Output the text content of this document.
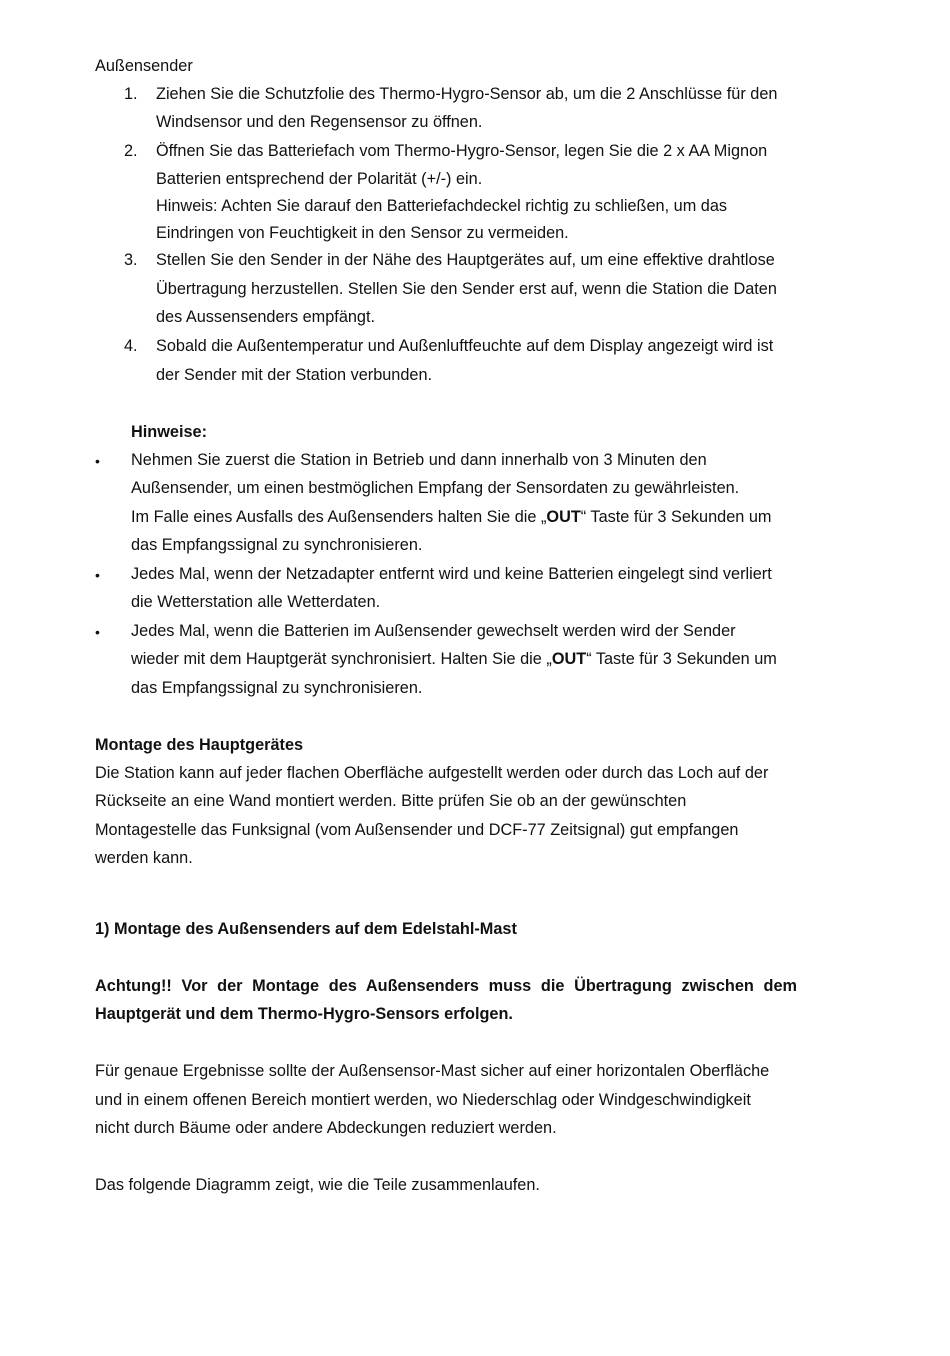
Außensender
1. Ziehen Sie die Schutzfolie des Thermo-Hygro-Sensor ab, um die 2 Anschlüsse für den
Windsensor und den Regensensor zu öffnen.
2. Öffnen Sie das Batteriefach vom Thermo-Hygro-Sensor, legen Sie die 2 x AA Mignon
Batterien entsprechend der Polarität (+/-) ein.
Hinweis: Achten Sie darauf den Batteriefachdeckel richtig zu schließen, um das
Eindringen von Feuchtigkeit in den Sensor zu vermeiden.
3. Stellen Sie den Sender in der Nähe des Hauptgerätes auf, um eine effektive drahtlose
Übertragung herzustellen. Stellen Sie den Sender erst auf, wenn die Station die Daten
des Aussensenders empfängt.
4. Sobald die Außentemperatur und Außenluftfeuchte auf dem Display angezeigt wird ist
der Sender mit der Station verbunden.
Hinweise:
• Nehmen Sie zuerst die Station in Betrieb und dann innerhalb von 3 Minuten den
Außensender, um einen bestmöglichen Empfang der Sensordaten zu gewährleisten.
Im Falle eines Ausfalls des Außensenders halten Sie die „OUT“ Taste für 3 Sekunden um
das Empfangssignal zu synchronisieren.
• Jedes Mal, wenn der Netzadapter entfernt wird und keine Batterien eingelegt sind verliert
die Wetterstation alle Wetterdaten.
• Jedes Mal, wenn die Batterien im Außensender gewechselt werden wird der Sender
wieder mit dem Hauptgerät synchronisiert. Halten Sie die „OUT“ Taste für 3 Sekunden um
das Empfangssignal zu synchronisieren.
Montage des Hauptgerätes
Die Station kann auf jeder flachen Oberfläche aufgestellt werden oder durch das Loch auf der
Rückseite an eine Wand montiert werden. Bitte prüfen Sie ob an der gewünschten
Montagestelle das Funksignal (vom Außensender und DCF-77 Zeitsignal) gut empfangen
werden kann.
1) Montage des Außensenders auf dem Edelstahl-Mast
Achtung!! Vor der Montage des Außensenders muss die Übertragung zwischen dem
Hauptgerät und dem Thermo-Hygro-Sensors erfolgen.
Für genaue Ergebnisse sollte der Außensensor-Mast sicher auf einer horizontalen Oberfläche
und in einem offenen Bereich montiert werden, wo Niederschlag oder Windgeschwindigkeit
nicht durch Bäume oder andere Abdeckungen reduziert werden.
Das folgende Diagramm zeigt, wie die Teile zusammenlaufen.
